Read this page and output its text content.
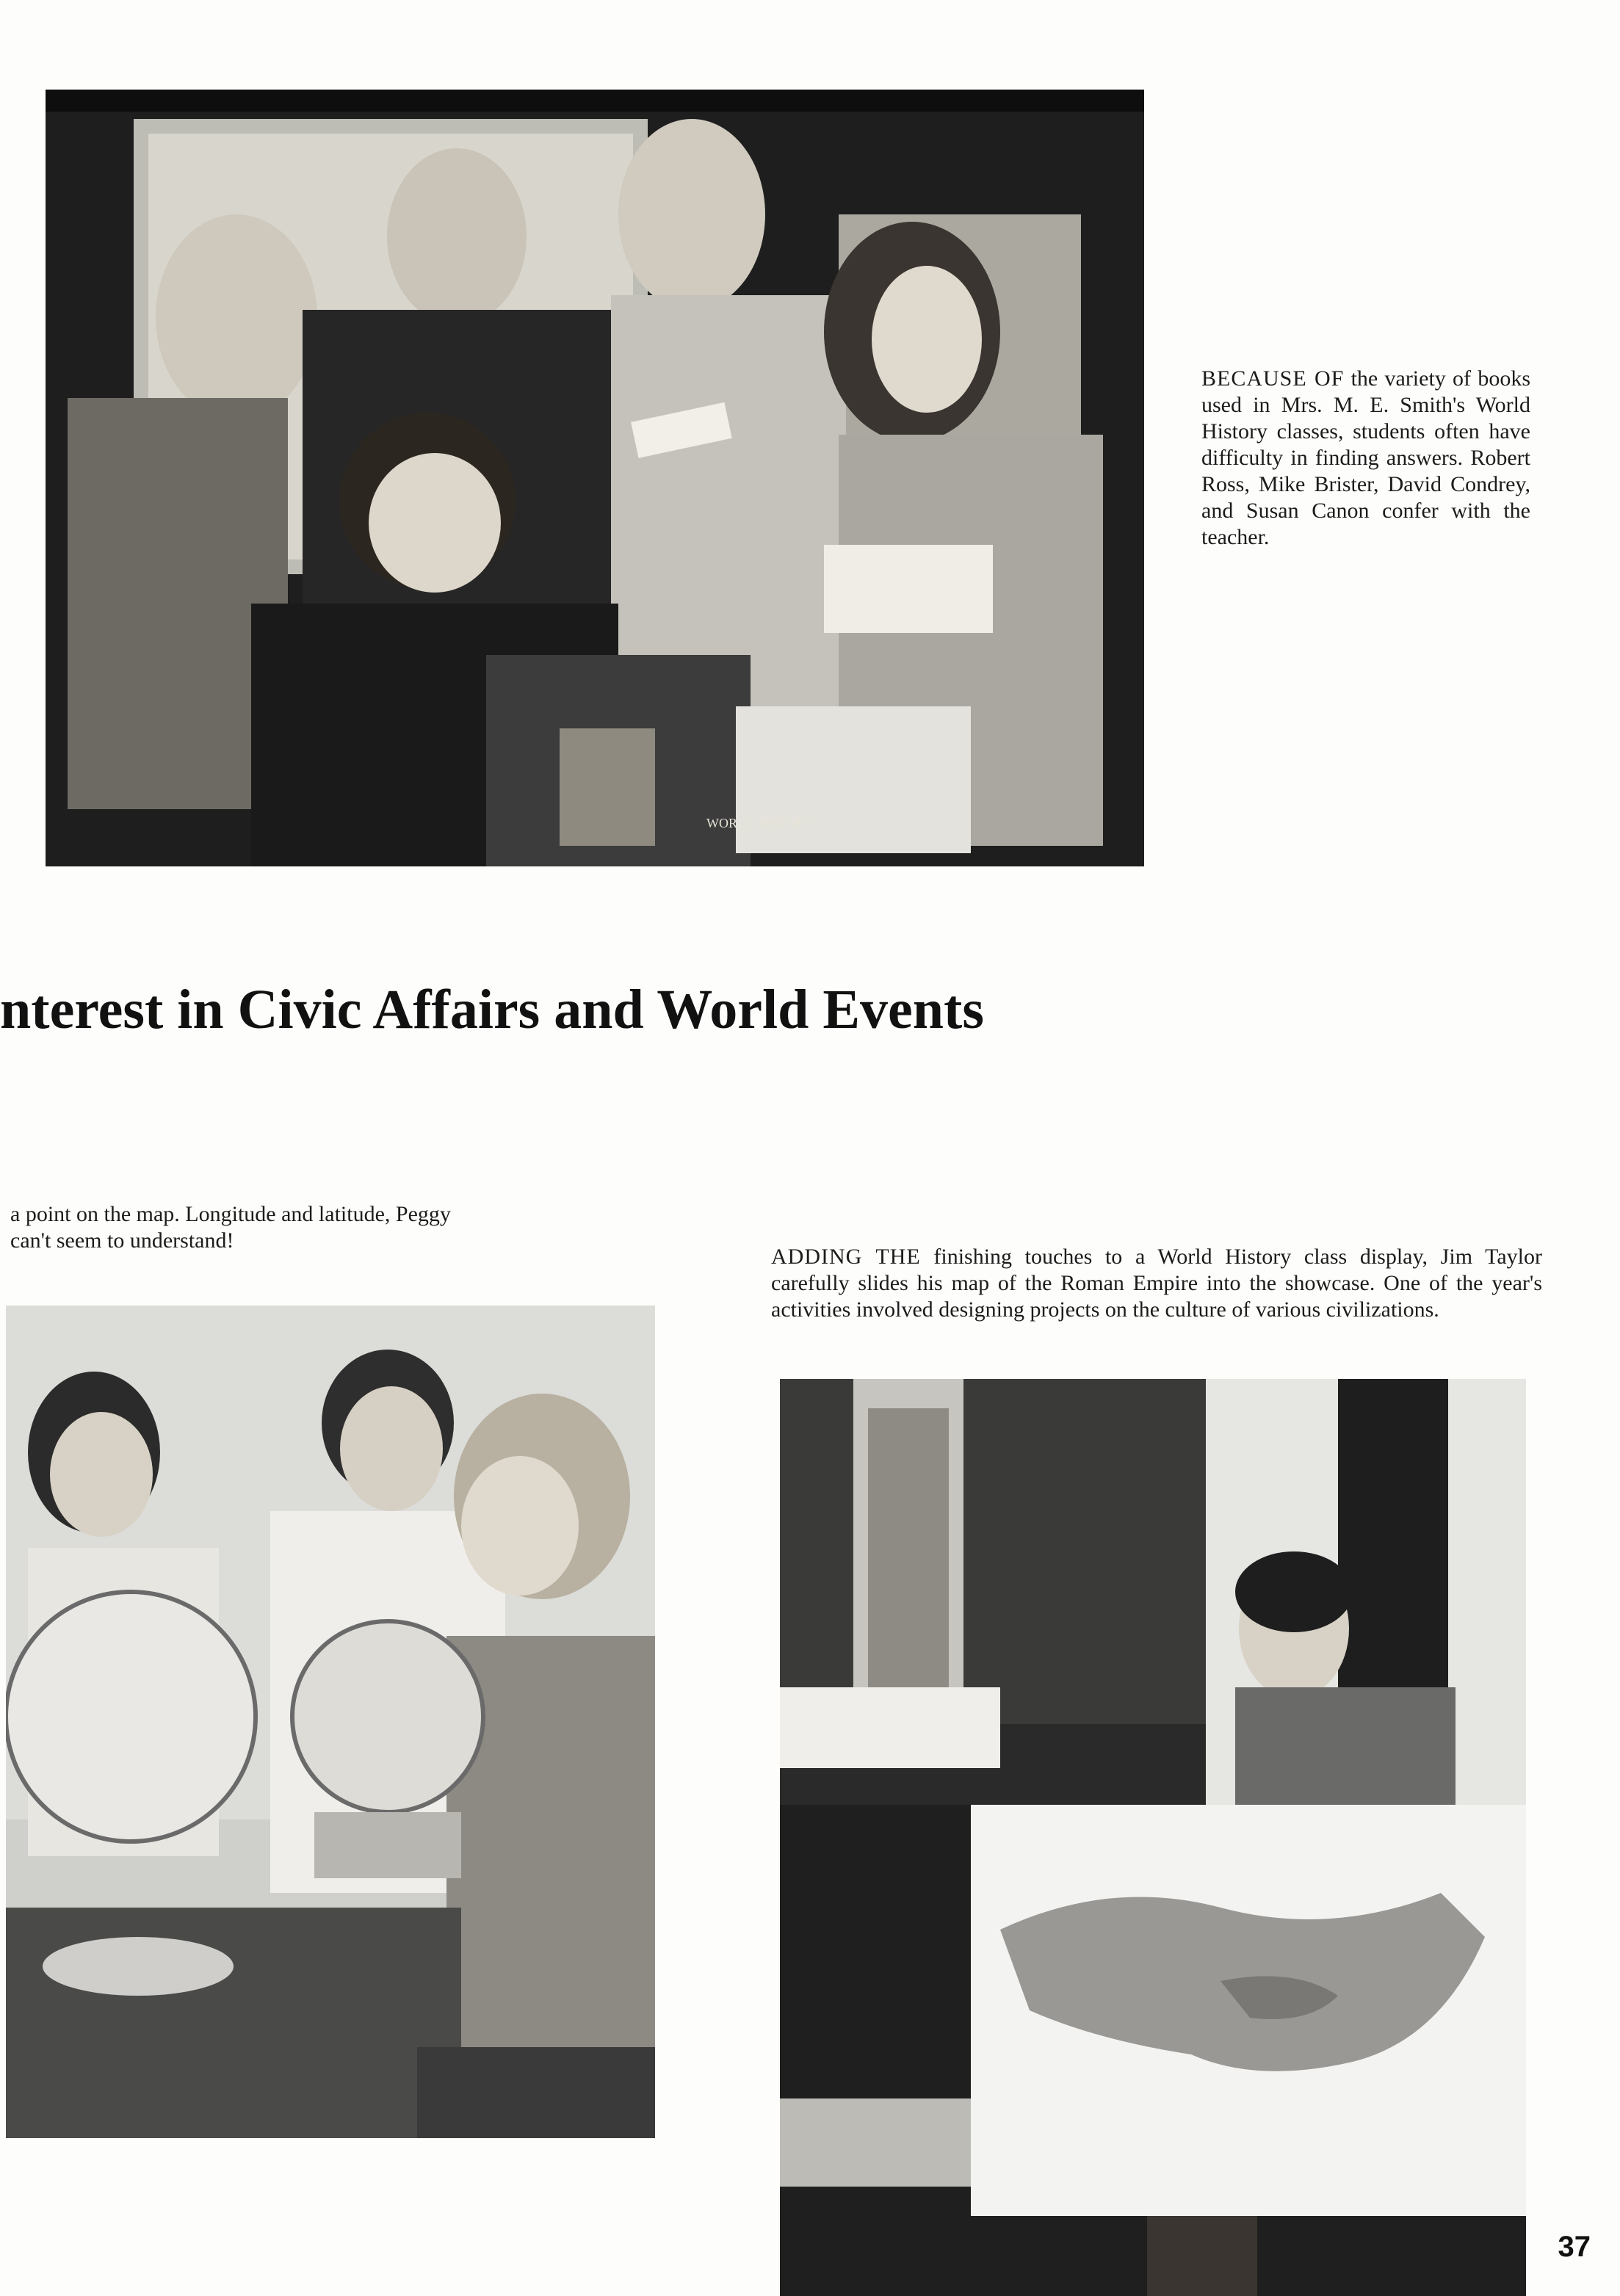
WORLD HISTORY
BECAUSE OF the variety of books used in Mrs. M. E. Smith's World History classes, students often have difficulty in finding answers. Robert Ross, Mike Brister, David Condrey, and Susan Canon confer with the teacher.
nterest in Civic Affairs and World Events
a point on the map. Longitude and latitude, Peggy
can't seem to understand!
ADDING THE finishing touches to a World History class display, Jim Taylor carefully slides his map of the Roman Empire into the showcase. One of the year's activities involved designing projects on the culture of various civilizations.
37
